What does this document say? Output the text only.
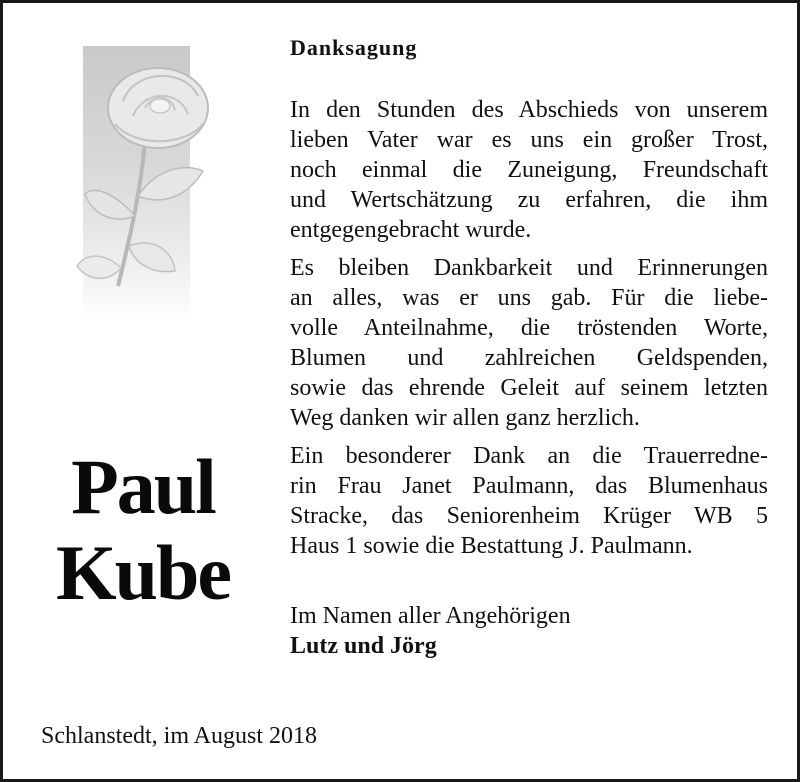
Paul
Kube
Danksagung
In den Stunden des Abschieds von unserem
lieben Vater war es uns ein großer Trost,
noch einmal die Zuneigung, Freundschaft
und Wertschätzung zu erfahren, die ihm
entgegengebracht wurde.
Es bleiben Dankbarkeit und Erinnerungen
an alles, was er uns gab. Für die liebe-
volle Anteilnahme, die tröstenden Worte,
Blumen und zahlreichen Geldspenden,
sowie das ehrende Geleit auf seinem letzten
Weg danken wir allen ganz herzlich.
Ein besonderer Dank an die Trauerredne-
rin Frau Janet Paulmann, das Blumenhaus
Stracke, das Seniorenheim Krüger WB 5
Haus 1 sowie die Bestattung J. Paulmann.
Im Namen aller Angehörigen
Lutz und Jörg
Schlanstedt, im August 2018
